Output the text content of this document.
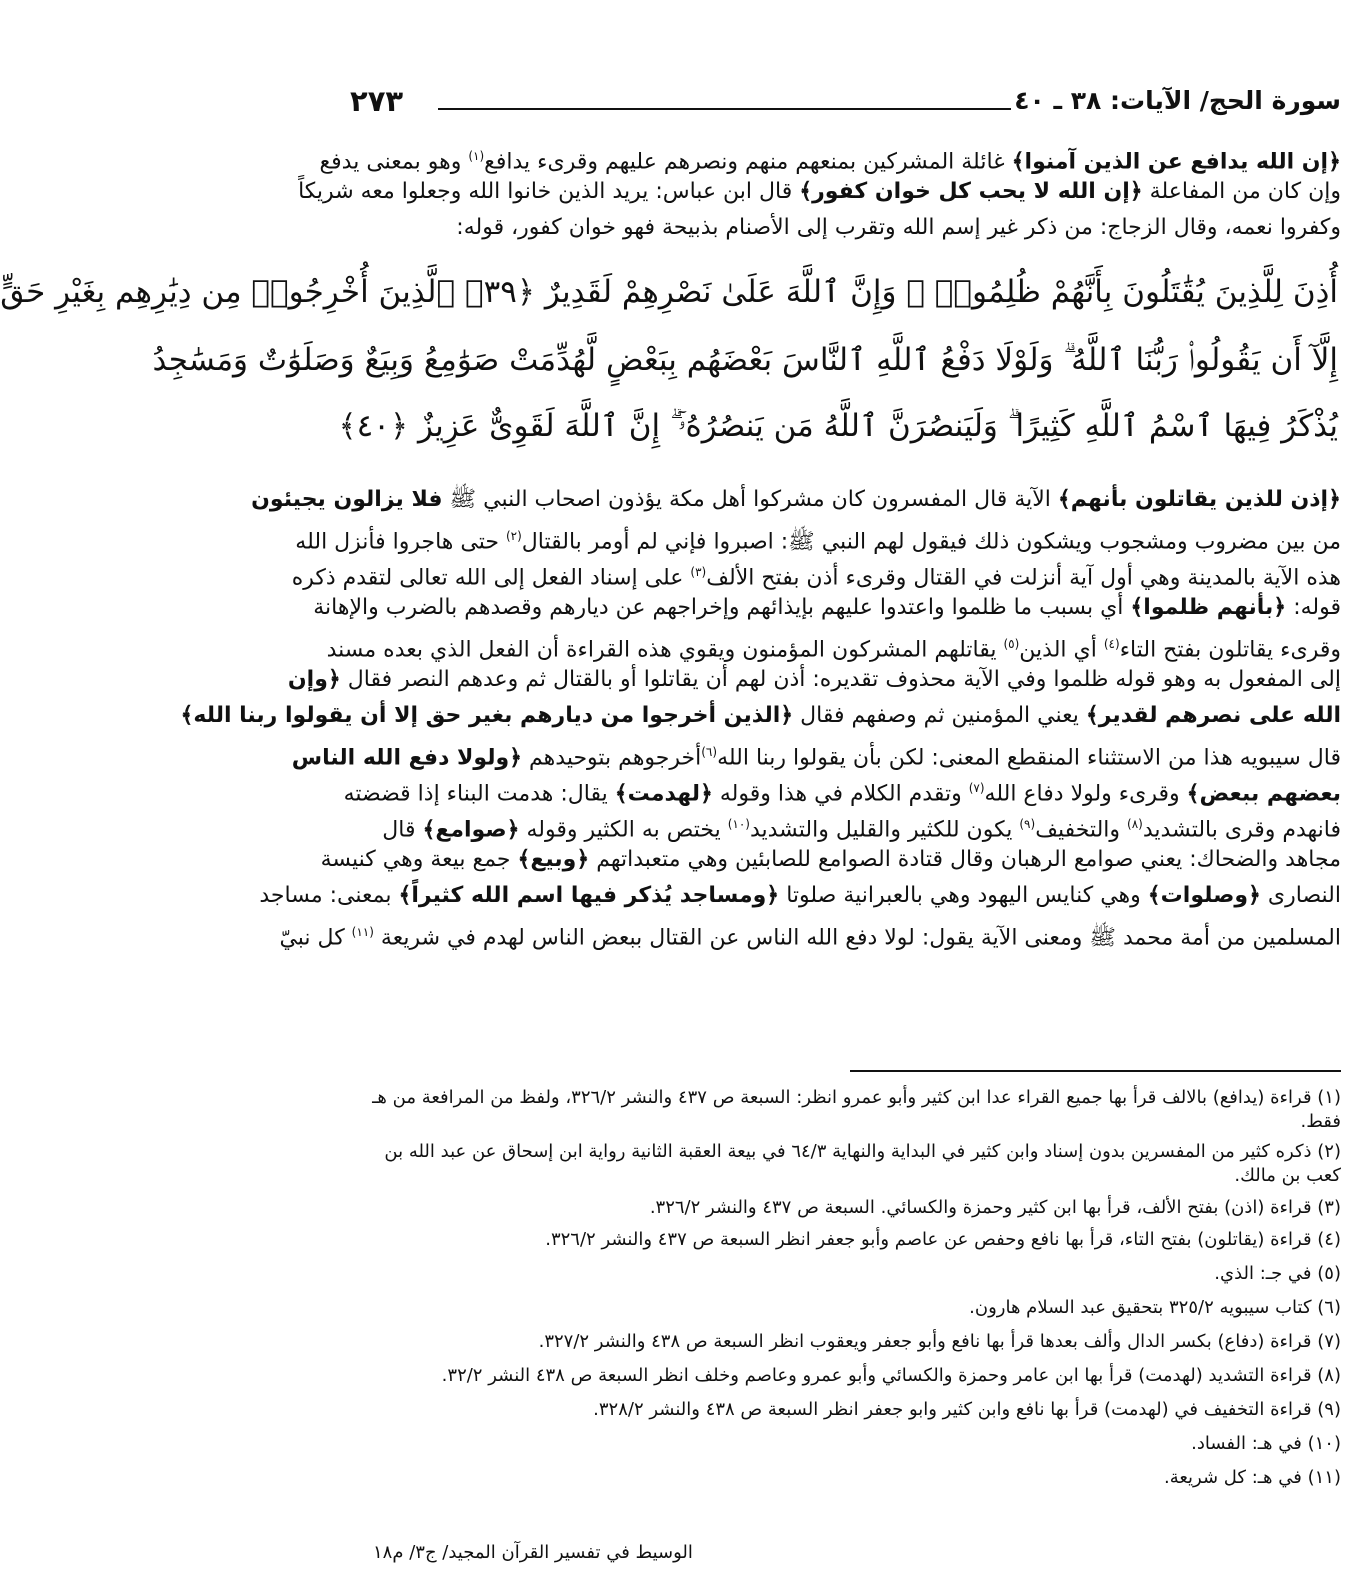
سورة الحج/ الآيات: ٣٨ ـ ٤٠
٢٧٣
﴿إن الله يدافع عن الذين آمنوا﴾ غائلة المشركين بمنعهم منهم ونصرهم عليهم وقرىء يدافع$^{(١)}$ وهو بمعنى يدفع
وإن كان من المفاعلة ﴿إن الله لا يحب كل خوان كفور﴾ قال ابن عباس: يريد الذين خانوا الله وجعلوا معه شريكاً
وكفروا نعمه، وقال الزجاج: من ذكر غير إسم الله وتقرب إلى الأصنام بذبيحة فهو خوان كفور، قوله:
أُذِنَ لِلَّذِينَ يُقَٰتَلُونَ بِأَنَّهُمْ ظُلِمُوا۟ ۚ وَإِنَّ ٱللَّهَ عَلَىٰ نَصْرِهِمْ لَقَدِيرٌ ﴿٣٩﴾ ٱلَّذِينَ أُخْرِجُوا۟ مِن دِيَٰرِهِم بِغَيْرِ حَقٍّ
إِلَّآ أَن يَقُولُوا۟ رَبُّنَا ٱللَّهُ ۗ وَلَوْلَا دَفْعُ ٱللَّهِ ٱلنَّاسَ بَعْضَهُم بِبَعْضٍ لَّهُدِّمَتْ صَوَٰمِعُ وَبِيَعٌ وَصَلَوَٰتٌ وَمَسَٰجِدُ
يُذْكَرُ فِيهَا ٱسْمُ ٱللَّهِ كَثِيرًا ۗ وَلَيَنصُرَنَّ ٱللَّهُ مَن يَنصُرُهُۥٓ ۗ إِنَّ ٱللَّهَ لَقَوِىٌّ عَزِيزٌ ﴿٤٠﴾
﴿إذن للذين يقاتلون بأنهم﴾ الآية قال المفسرون كان مشركوا أهل مكة يؤذون اصحاب النبي ﷺ فلا يزالون يجيئون
من بين مضروب ومشجوب ويشكون ذلك فيقول لهم النبي ﷺ: اصبروا فإني لم أومر بالقتال$^{(٢)}$ حتى هاجروا فأنزل الله
هذه الآية بالمدينة وهي أول آية أنزلت في القتال وقرىء أذن بفتح الألف$^{(٣)}$ على إسناد الفعل إلى الله تعالى لتقدم ذكره
قوله: ﴿بأنهم ظلموا﴾ أي بسبب ما ظلموا واعتدوا عليهم بإيذائهم وإخراجهم عن ديارهم وقصدهم بالضرب والإهانة
وقرىء يقاتلون بفتح التاء$^{(٤)}$ أي الذين$^{(٥)}$ يقاتلهم المشركون المؤمنون ويقوي هذه القراءة أن الفعل الذي بعده مسند
إلى المفعول به وهو قوله ظلموا وفي الآية محذوف تقديره: أذن لهم أن يقاتلوا أو بالقتال ثم وعدهم النصر فقال ﴿وإن
الله على نصرهم لقدير﴾ يعني المؤمنين ثم وصفهم فقال ﴿الذين أخرجوا من ديارهم بغير حق إلا أن يقولوا ربنا الله﴾
قال سيبويه هذا من الاستثناء المنقطع المعنى: لكن بأن يقولوا ربنا الله$^{(٦)}$أخرجوهم بتوحيدهم ﴿ولولا دفع الله الناس
بعضهم ببعض﴾ وقرىء ولولا دفاع الله$^{(٧)}$ وتقدم الكلام في هذا وقوله ﴿لهدمت﴾ يقال: هدمت البناء إذا قضضته
فانهدم وقرى بالتشديد$^{(٨)}$ والتخفيف$^{(٩)}$ يكون للكثير والقليل والتشديد$^{(١٠)}$ يختص به الكثير وقوله ﴿صوامع﴾ قال
مجاهد والضحاك: يعني صوامع الرهبان وقال قتادة الصوامع للصابئين وهي متعبداتهم ﴿وبيع﴾ جمع بيعة وهي كنيسة
النصارى ﴿وصلوات﴾ وهي كنايس اليهود وهي بالعبرانية صلوتا ﴿ومساجد يُذكر فيها اسم الله كثيراً﴾ بمعنى: مساجد
المسلمين من أمة محمد ﷺ ومعنى الآية يقول: لولا دفع الله الناس عن القتال ببعض الناس لهدم في شريعة $^{(١١)}$ كل نبيّ
(١) قراءة (يدافع) بالالف قرأ بها جميع القراء عدا ابن كثير وأبو عمرو انظر: السبعة ص ٤٣٧ والنشر ٣٢٦/٢، ولفظ من المرافعة من هـ فقط.
(٢) ذكره كثير من المفسرين بدون إسناد وابن كثير في البداية والنهاية ٦٤/٣ في بيعة العقبة الثانية رواية ابن إسحاق عن عبد الله بن كعب بن مالك.
(٣) قراءة (اذن) بفتح الألف، قرأ بها ابن كثير وحمزة والكسائي. السبعة ص ٤٣٧ والنشر ٣٢٦/٢.
(٤) قراءة (يقاتلون) بفتح التاء، قرأ بها نافع وحفص عن عاصم وأبو جعفر انظر السبعة ص ٤٣٧ والنشر ٣٢٦/٢.
(٥) في جـ: الذي.
(٦) كتاب سيبويه ٣٢٥/٢ بتحقيق عبد السلام هارون.
(٧) قراءة (دفاع) بكسر الدال وألف بعدها قرأ بها نافع وأبو جعفر ويعقوب انظر السبعة ص ٤٣٨ والنشر ٣٢٧/٢.
(٨) قراءة التشديد (لهدمت) قرأ بها ابن عامر وحمزة والكسائي وأبو عمرو وعاصم وخلف انظر السبعة ص ٤٣٨ النشر ٣٢/٢.
(٩) قراءة التخفيف في (لهدمت) قرأ بها نافع وابن كثير وابو جعفر انظر السبعة ص ٤٣٨ والنشر ٣٢٨/٢.
(١٠) في هـ: الفساد.
(١١) في هـ: كل شريعة.
الوسيط في تفسير القرآن المجيد/ ج٣/ م١٨
